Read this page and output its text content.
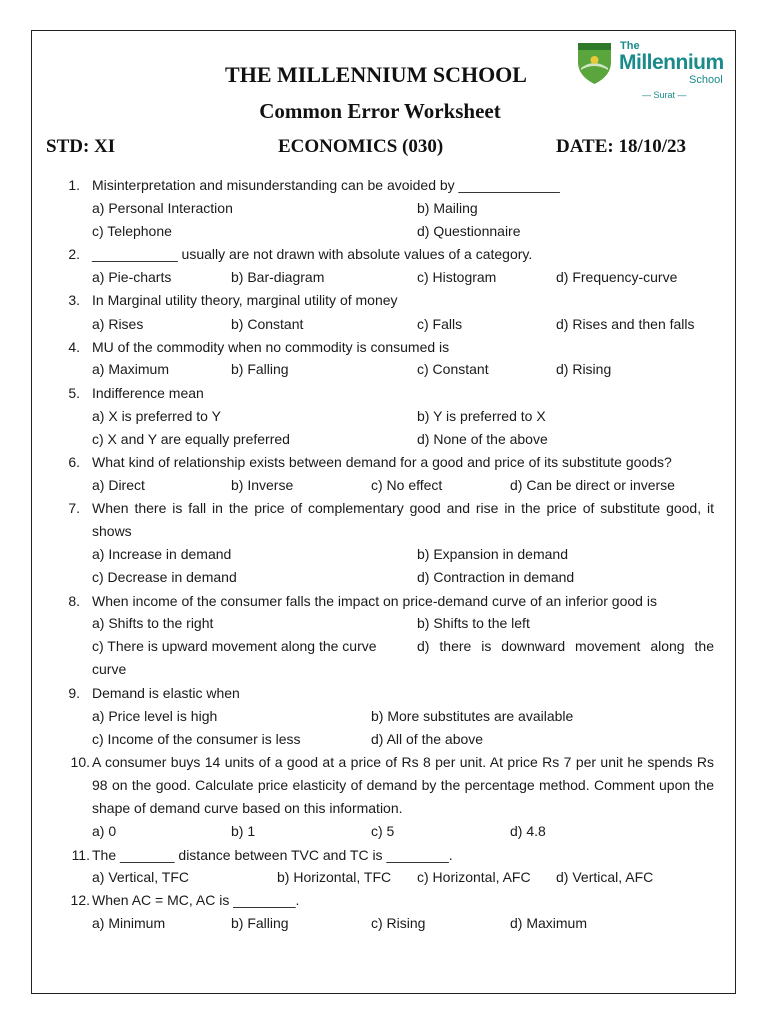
THE MILLENNIUM SCHOOL
Common Error Worksheet
STD: XI	ECONOMICS (030)	DATE: 18/10/23
The
Millennium
School
— Surat —
1. Misinterpretation and misunderstanding can be avoided by _____________
a) Personal Interaction	b) Mailing
c) Telephone	d) Questionnaire
2. ___________ usually are not drawn with absolute values of a category.
a) Pie-charts	b) Bar-diagram	c) Histogram	d) Frequency-curve
3. In Marginal utility theory, marginal utility of money
a) Rises	b) Constant	c) Falls	d) Rises and then falls
4. MU of the commodity when no commodity is consumed is
a) Maximum	b) Falling	c) Constant	d) Rising
5. Indifference mean
a) X is preferred to Y	b) Y is preferred to X
c) X and Y are equally preferred	d) None of the above
6. What kind of relationship exists between demand for a good and price of its substitute goods?
a) Direct	b) Inverse	c) No effect	d) Can be direct or inverse
7. When there is fall in the price of complementary good and rise in the price of substitute good, it
shows
a) Increase in demand	b) Expansion in demand
c) Decrease in demand	d) Contraction in demand
8. When income of the consumer falls the impact on price-demand curve of an inferior good is
a) Shifts to the right	b) Shifts to the left
c) There is upward movement along the curve	d) there is downward movement along the
curve
9. Demand is elastic when
a) Price level is high	b) More substitutes are available
c) Income of the consumer is less	d) All of the above
10. A consumer buys 14 units of a good at a price of Rs 8 per unit. At price Rs 7 per unit he spends Rs
98 on the good. Calculate price elasticity of demand by the percentage method. Comment upon the
shape of demand curve based on this information.
a) 0	b) 1	c) 5	d) 4.8
11. The _______ distance between TVC and TC is ________.
a) Vertical, TFC	b) Horizontal, TFC c) Horizontal, AFC d) Vertical, AFC
12. When AC = MC, AC is ________.
a) Minimum	b) Falling	c) Rising	d) Maximum
